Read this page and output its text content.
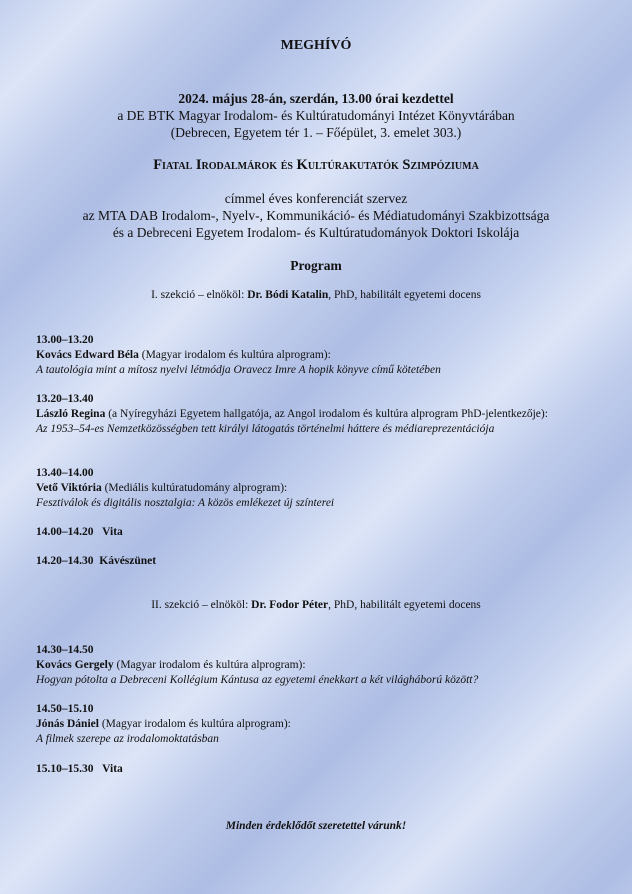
MEGHÍVÓ
2024. május 28-án, szerdán, 13.00 órai kezdettel
a DE BTK Magyar Irodalom- és Kultúratudományi Intézet Könyvtárában
(Debrecen, Egyetem tér 1. – Főépület, 3. emelet 303.)
Fiatal Irodalmárok és Kultúrakutatók Szimpóziuma
címmel éves konferenciát szervez
az MTA DAB Irodalom-, Nyelv-, Kommunikáció- és Médiatudományi Szakbizottsága
és a Debreceni Egyetem Irodalom- és Kultúratudományok Doktori Iskolája
Program
I. szekció – elnököl: Dr. Bódi Katalin, PhD, habilitált egyetemi docens
13.00–13.20
Kovács Edward Béla (Magyar irodalom és kultúra alprogram):
A tautológia mint a mítosz nyelvi létmódja Oravecz Imre A hopik könyve című kötetében
13.20–13.40
László Regina (a Nyíregyházi Egyetem hallgatója, az Angol irodalom és kultúra alprogram PhD-jelentkezője):
Az 1953–54-es Nemzetközösségben tett királyi látogatás történelmi háttere és médiareprezentációja
13.40–14.00
Vető Viktória (Mediális kultúratudomány alprogram):
Fesztiválok és digitális nosztalgia: A közös emlékezet új színterei
14.00–14.20 Vita
14.20–14.30 Kávészünet
II. szekció – elnököl: Dr. Fodor Péter, PhD, habilitált egyetemi docens
14.30–14.50
Kovács Gergely (Magyar irodalom és kultúra alprogram):
Hogyan pótolta a Debreceni Kollégium Kántusa az egyetemi énekkart a két világháború között?
14.50–15.10
Jónás Dániel (Magyar irodalom és kultúra alprogram):
A filmek szerepe az irodalomoktatásban
15.10–15.30 Vita
Minden érdeklődőt szeretettel várunk!
